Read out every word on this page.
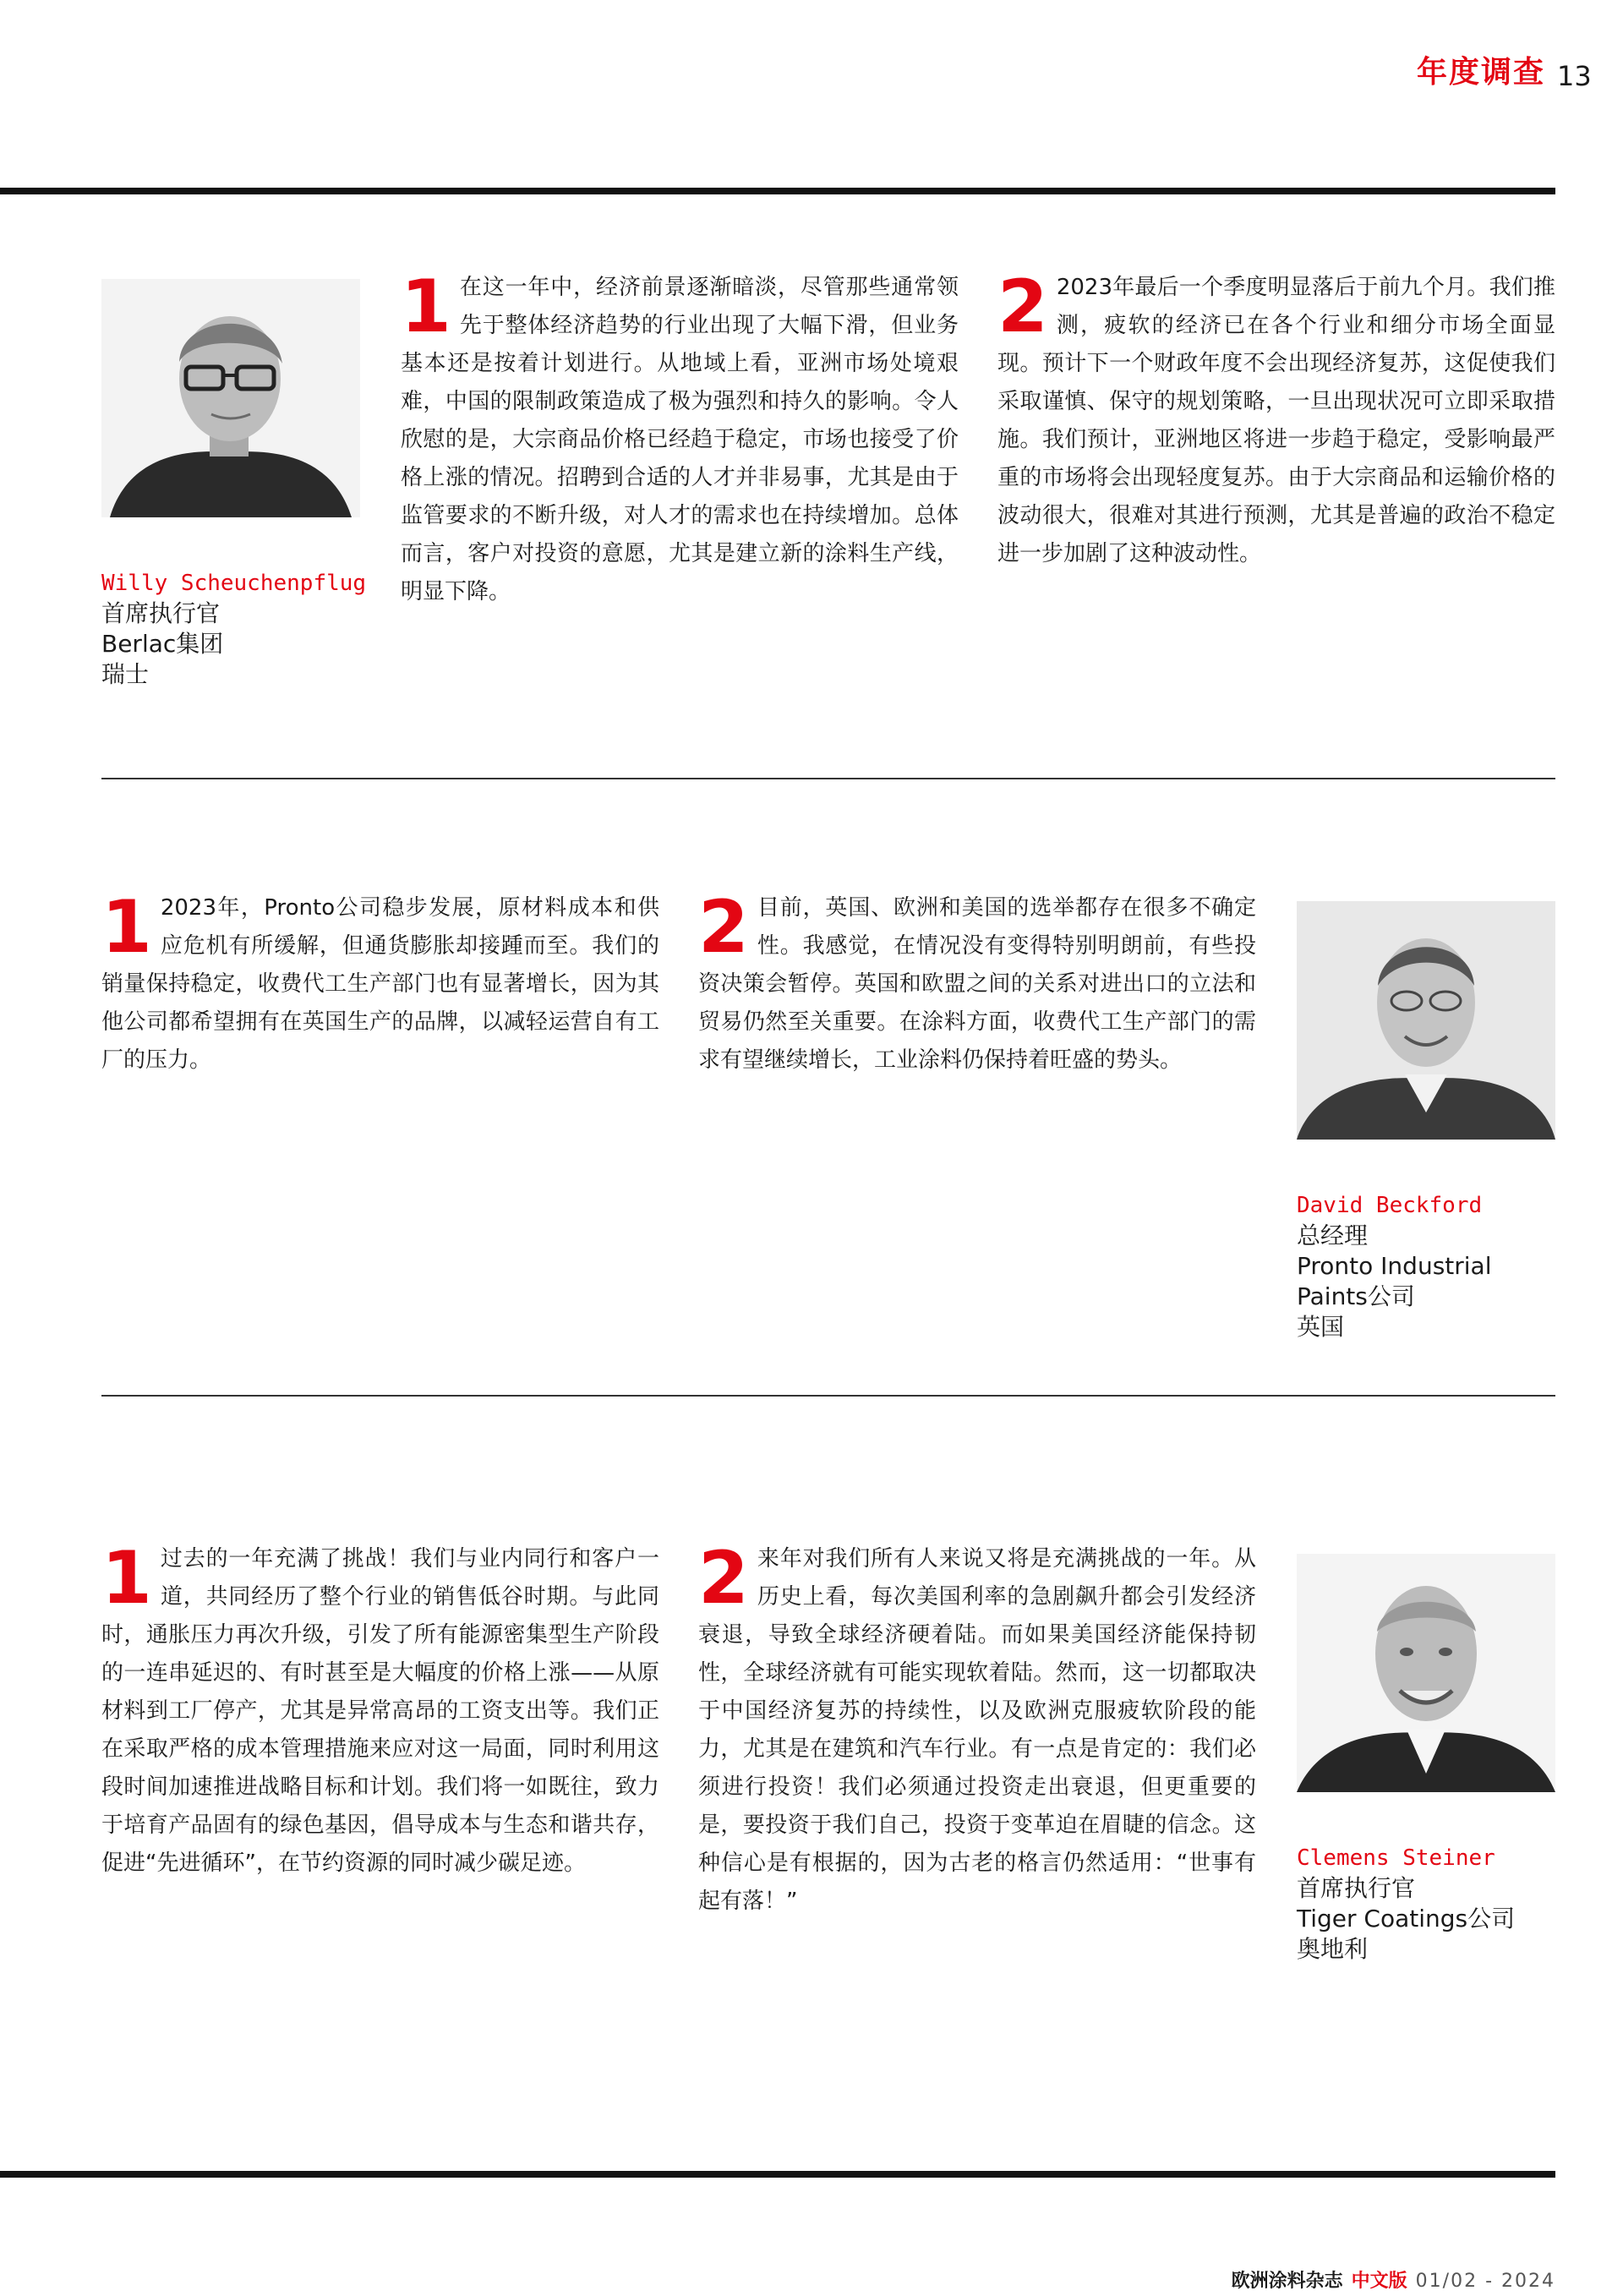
年度调查 13
Willy Scheuchenpflug
首席执行官
Berlac集团
瑞士

1 在这一年中，经济前景逐渐暗淡，尽管那些通常领先于整体经济趋势的行业出现了大幅下滑，但业务基本还是按着计划进行。从地域上看，亚洲市场处境艰难，中国的限制政策造成了极为强烈和持久的影响。令人欣慰的是，大宗商品价格已经趋于稳定，市场也接受了价格上涨的情况。招聘到合适的人才并非易事，尤其是由于监管要求的不断升级，对人才的需求也在持续增加。总体而言，客户对投资的意愿，尤其是建立新的涂料生产线，明显下降。

2 2023年最后一个季度明显落后于前九个月。我们推测，疲软的经济已在各个行业和细分市场全面显现。预计下一个财政年度不会出现经济复苏，这促使我们采取谨慎、保守的规划策略，一旦出现状况可立即采取措施。我们预计，亚洲地区将进一步趋于稳定，受影响最严重的市场将会出现轻度复苏。由于大宗商品和运输价格的波动很大，很难对其进行预测，尤其是普遍的政治不稳定进一步加剧了这种波动性。

1 2023年，Pronto公司稳步发展，原材料成本和供应危机有所缓解，但通货膨胀却接踵而至。我们的销量保持稳定，收费代工生产部门也有显著增长，因为其他公司都希望拥有在英国生产的品牌，以减轻运营自有工厂的压力。

2 目前，英国、欧洲和美国的选举都存在很多不确定性。我感觉，在情况没有变得特别明朗前，有些投资决策会暂停。英国和欧盟之间的关系对进出口的立法和贸易仍然至关重要。在涂料方面，收费代工生产部门的需求有望继续增长，工业涂料仍保持着旺盛的势头。

David Beckford
总经理
Pronto Industrial
Paints公司
英国

1 过去的一年充满了挑战！我们与业内同行和客户一道，共同经历了整个行业的销售低谷时期。与此同时，通胀压力再次升级，引发了所有能源密集型生产阶段的一连串延迟的、有时甚至是大幅度的价格上涨——从原材料到工厂停产，尤其是异常高昂的工资支出等。我们正在采取严格的成本管理措施来应对这一局面，同时利用这段时间加速推进战略目标和计划。我们将一如既往，致力于培育产品固有的绿色基因，倡导成本与生态和谐共存，促进“先进循环”，在节约资源的同时减少碳足迹。

2 来年对我们所有人来说又将是充满挑战的一年。从历史上看，每次美国利率的急剧飙升都会引发经济衰退，导致全球经济硬着陆。而如果美国经济能保持韧性，全球经济就有可能实现软着陆。然而，这一切都取决于中国经济复苏的持续性，以及欧洲克服疲软阶段的能力，尤其是在建筑和汽车行业。有一点是肯定的：我们必须进行投资！我们必须通过投资走出衰退，但更重要的是，要投资于我们自己，投资于变革迫在眉睫的信念。这种信心是有根据的，因为古老的格言仍然适用：“世事有起有落！”

Clemens Steiner
首席执行官
Tiger Coatings公司
奥地利
欧洲涂料杂志 中文版 01/02 - 2024
